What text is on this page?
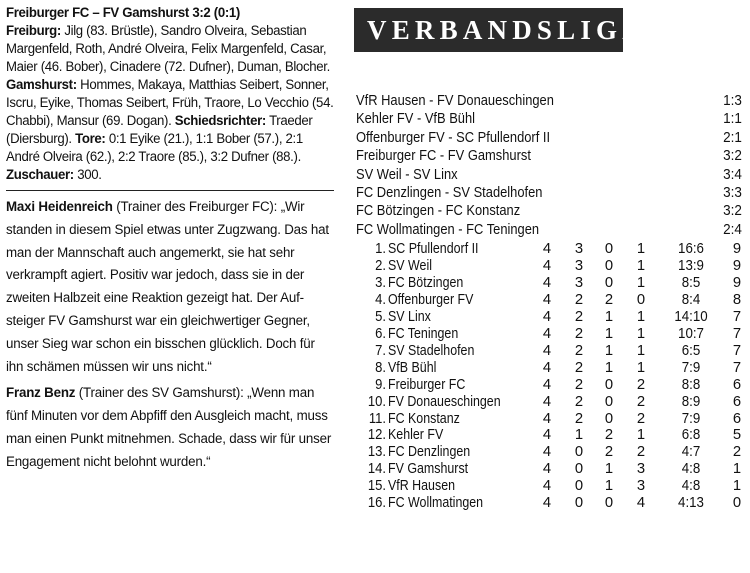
Freiburger FC – FV Gamshurst 3:2 (0:1)
Freiburg: Jilg (83. Brüstle), Sandro Olveira, Sebastian Margenfeld, Roth, André Olveira, Felix Margenfeld, Casar, Maier (46. Bober), Cinadere (72. Dufner), Duman, Blocher. Gamshurst: Hommes, Makaya, Matthias Seibert, Sonner, Iscru, Eyike, Thomas Seibert, Früh, Traore, Lo Vecchio (54. Chabbi), Mansur (69. Dogan). Schiedsrichter: Traeder (Diersburg). Tore: 0:1 Eyike (21.), 1:1 Bober (57.), 2:1 André Olveira (62.), 2:2 Traore (85.), 3:2 Dufner (88.). Zuschauer: 300.
Maxi Heidenreich (Trainer des Freiburger FC): „Wir standen in diesem Spiel etwas unter Zugzwang. Das hat man der Mannschaft auch angemerkt, sie hat sehr verkrampft agiert. Positiv war jedoch, dass sie in der zweiten Halbzeit eine Reaktion gezeigt hat. Der Aufsteiger FV Gamshurst war ein gleichwertiger Gegner, unser Sieg war schon ein bisschen glücklich. Doch für ihn schämen müssen wir uns nicht.“
Franz Benz (Trainer des SV Gamshurst): „Wenn man fünf Minuten vor dem Abpfiff den Ausgleich macht, muss man einen Punkt mitnehmen. Schade, dass wir für unser Engagement nicht belohnt wurden.“
VERBANDSLIGA
VfR Hausen - FV Donaueschingen	1:3
Kehler FV - VfB Bühl	1:1
Offenburger FV - SC Pfullendorf II	2:1
Freiburger FC - FV Gamshurst	3:2
SV Weil - SV Linx	3:4
FC Denzlingen - SV Stadelhofen	3:3
FC Bötzingen - FC Konstanz	3:2
FC Wollmatingen - FC Teningen	2:4
1. SC Pfullendorf II	4 3 0 1	16:6	9
2. SV Weil	4 3 0 1	13:9	9
3. FC Bötzingen	4 3 0 1	8:5	9
4. Offenburger FV	4 2 2 0	8:4	8
5. SV Linx	4 2 1 1	14:10	7
6. FC Teningen	4 2 1 1	10:7	7
7. SV Stadelhofen	4 2 1 1	6:5	7
8. VfB Bühl	4 2 1 1	7:9	7
9. Freiburger FC	4 2 0 2	8:8	6
10. FV Donaueschingen	4 2 0 2	8:9	6
11. FC Konstanz	4 2 0 2	7:9	6
12. Kehler FV	4 1 2 1	6:8	5
13. FC Denzlingen	4 0 2 2	4:7	2
14. FV Gamshurst	4 0 1 3	4:8	1
15. VfR Hausen	4 0 1 3	4:8	1
16. FC Wollmatingen	4 0 0 4	4:13	0
